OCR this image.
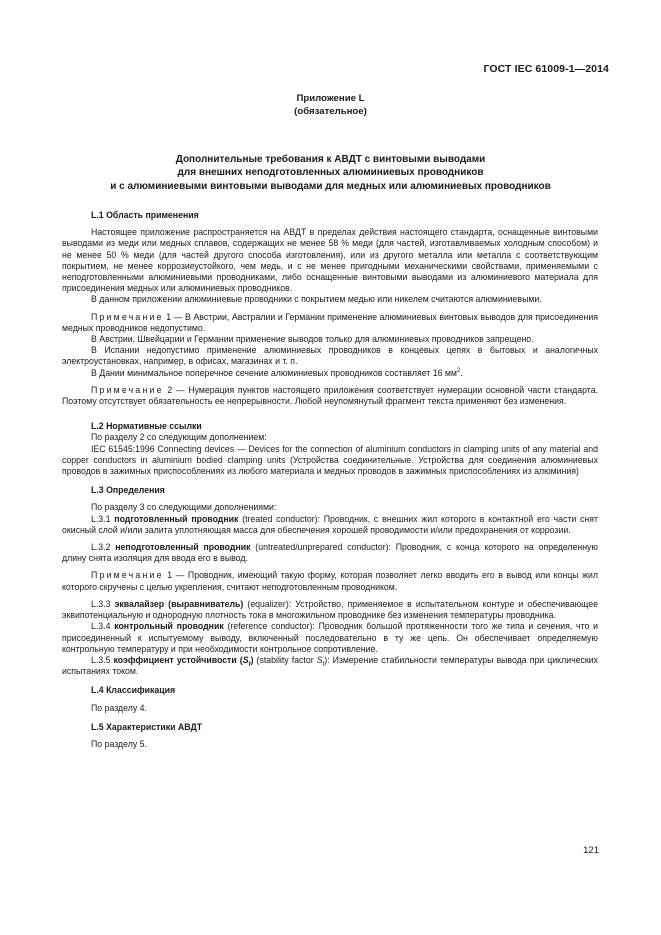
ГОСТ IEC 61009-1—2014
Приложение L
(обязательное)
Дополнительные требования к АВДТ с винтовыми выводами
для внешних неподготовленных алюминиевых проводников
и с алюминиевыми винтовыми выводами для медных или алюминиевых проводников

L.1 Область применения

Настоящее приложение распространяется на АВДТ в пределах действия настоящего стандарта, оснащенные винтовыми выводами из меди или медных сплавов, содержащих не менее 58 % меди (для частей, изготавливаемых холодным способом) и не менее 50 % меди (для частей другого способа изготовления), или из другого металла или металла с соответствующим покрытием, не менее коррозиеустойкого, чем медь, и с не менее пригодными механическими свойствами, применяемыми с неподготовленными алюминиевыми проводниками, либо оснащенные винтовыми выводами из алюминиевого материала для присоединения медных или алюминиевых проводников.

В данном приложении алюминиевые проводники с покрытием медью или никелем считаются алюминиевыми.

Примечание 1 — В Австрии, Австралии и Германии применение алюминиевых винтовых выводов для присоединения медных проводников недопустимо.

В Австрии, Швейцарии и Германии применение выводов только для алюминиевых проводников запрещено.

В Испании недопустимо применение алюминиевых проводников в концевых цепях в бытовых и аналогичных электроустановках, например, в офисах, магазинах и т. п.

В Дании минимальное поперечное сечение алюминиевых проводников составляет 16 $мм^2$.

Примечание 2 — Нумерация пунктов настоящего приложения соответствует нумерации основной части стандарта. Поэтому отсутствует обязательность ее непрерывности. Любой неупомянутый фрагмент текста применяют без изменения.

L.2 Нормативные ссылки

По разделу 2 со следующим дополнением:

IEC 61545:1996 Connecting devices — Devices for the connection of aluminium conductors in clamping units of any material and copper conductors in aluminium bodied clamping units (Устройства соединительные. Устройства для соединения алюминиевых проводов в зажимных приспособлениях из любого материала и медных проводов в зажимных приспособлениях из алюминия)

L.3 Определения

По разделу 3 со следующими дополнениями:

L.3.1 подготовленный проводник (treated conductor): Проводник, с внешних жил которого в контактной его части снят окисный слой и/или залита уплотняющая масса для обеспечения хорошей проводимости и/или предохранения от коррозии.

L.3.2 неподготовленный проводник (untreated/unprepared conductor): Проводник, с конца которого на определенную длину снята изоляция для ввода его в вывод.

Примечание 1 — Проводник, имеющий такую форму, которая позволяет легко вводить его в вывод или концы жил которого скручены с целью укрепления, считают неподготовленным проводником.

L.3.3 эквалайзер (выравниватель) (equalizer): Устройство, применяемое в испытательном контуре и обеспечивающее эквипотенциальную и однородную плотность тока в многожильном проводнике без изменения температуры проводника.

L.3.4 контрольный проводник (reference conductor): Проводник большой протяженности того же типа и сечения, что и присоединенный к испытуемому выводу, включенный последовательно в ту же цепь. Он обеспечивает определяемую контрольную температуру и при необходимости контрольное сопротивление.

L.3.5 коэффициент устойчивости $(S_f)$ (stability factor $S_f$): Измерение стабильности температуры вывода при циклических испытаниях током.

L.4 Классификация

По разделу 4.

L.5 Характеристики АВДТ

По разделу 5.

121
